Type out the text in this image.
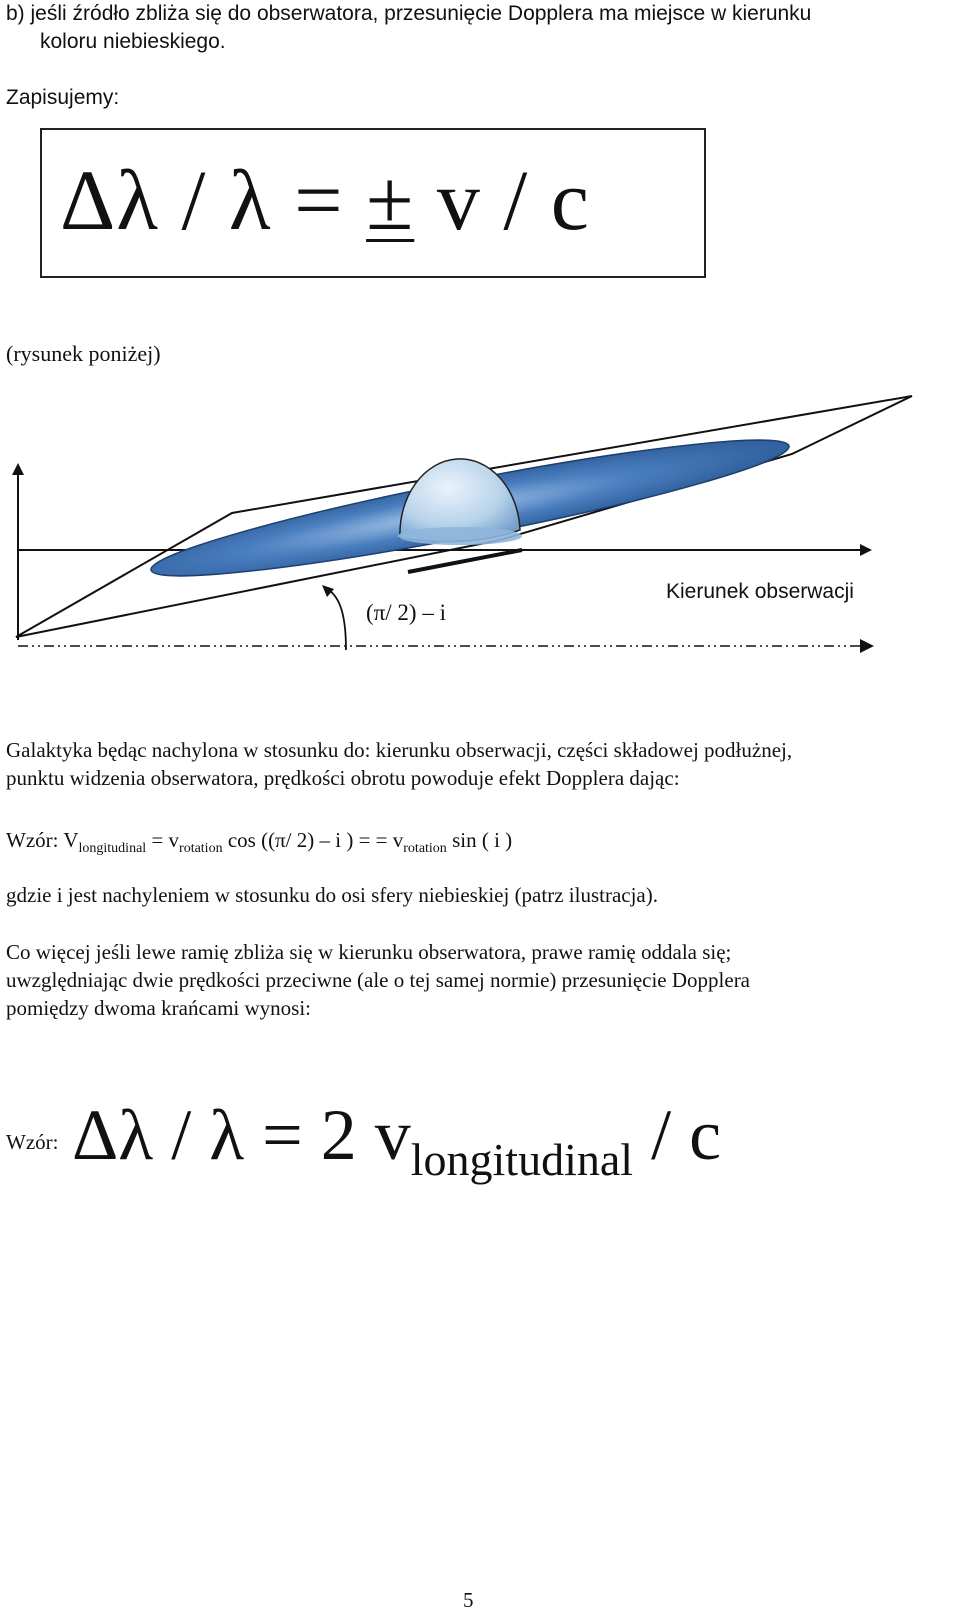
b) jeśli źródło zbliża się do obserwatora, przesunięcie Dopplera ma miejsce w kierunku
koloru niebieskiego.
Zapisujemy:
Δλ / λ = ± v / c
(rysunek poniżej)
(π/ 2) – i
Kierunek obserwacji
Galaktyka będąc nachylona w stosunku do: kierunku obserwacji, części składowej podłużnej,
punktu widzenia obserwatora, prędkości obrotu powoduje efekt Dopplera dając:
Wzór: $V_{longitudinal} = v_{rotation}$ cos ((π/ 2) – i ) = = $v_{rotation}$ sin ( i )
gdzie i jest nachyleniem w stosunku do osi sfery niebieskiej (patrz ilustracja).
Co więcej jeśli lewe ramię zbliża się w kierunku obserwatora, prawe ramię oddala się;
uwzględniając dwie prędkości przeciwne (ale o tej samej normie) przesunięcie Dopplera
pomiędzy dwoma krańcami wynosi:
Wzór: Δλ / λ = 2 $v_{longitudinal}$ / c
5
